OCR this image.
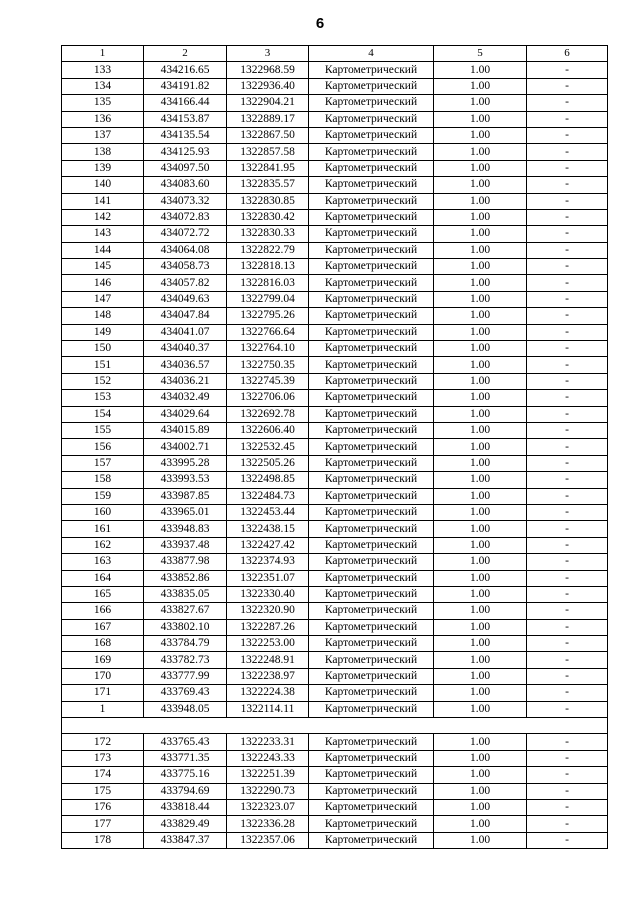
6
1	2	3	4	5	6
133	434216.65	1322968.59	Картометрический	1.00	-
134	434191.82	1322936.40	Картометрический	1.00	-
135	434166.44	1322904.21	Картометрический	1.00	-
136	434153.87	1322889.17	Картометрический	1.00	-
137	434135.54	1322867.50	Картометрический	1.00	-
138	434125.93	1322857.58	Картометрический	1.00	-
139	434097.50	1322841.95	Картометрический	1.00	-
140	434083.60	1322835.57	Картометрический	1.00	-
141	434073.32	1322830.85	Картометрический	1.00	-
142	434072.83	1322830.42	Картометрический	1.00	-
143	434072.72	1322830.33	Картометрический	1.00	-
144	434064.08	1322822.79	Картометрический	1.00	-
145	434058.73	1322818.13	Картометрический	1.00	-
146	434057.82	1322816.03	Картометрический	1.00	-
147	434049.63	1322799.04	Картометрический	1.00	-
148	434047.84	1322795.26	Картометрический	1.00	-
149	434041.07	1322766.64	Картометрический	1.00	-
150	434040.37	1322764.10	Картометрический	1.00	-
151	434036.57	1322750.35	Картометрический	1.00	-
152	434036.21	1322745.39	Картометрический	1.00	-
153	434032.49	1322706.06	Картометрический	1.00	-
154	434029.64	1322692.78	Картометрический	1.00	-
155	434015.89	1322606.40	Картометрический	1.00	-
156	434002.71	1322532.45	Картометрический	1.00	-
157	433995.28	1322505.26	Картометрический	1.00	-
158	433993.53	1322498.85	Картометрический	1.00	-
159	433987.85	1322484.73	Картометрический	1.00	-
160	433965.01	1322453.44	Картометрический	1.00	-
161	433948.83	1322438.15	Картометрический	1.00	-
162	433937.48	1322427.42	Картометрический	1.00	-
163	433877.98	1322374.93	Картометрический	1.00	-
164	433852.86	1322351.07	Картометрический	1.00	-
165	433835.05	1322330.40	Картометрический	1.00	-
166	433827.67	1322320.90	Картометрический	1.00	-
167	433802.10	1322287.26	Картометрический	1.00	-
168	433784.79	1322253.00	Картометрический	1.00	-
169	433782.73	1322248.91	Картометрический	1.00	-
170	433777.99	1322238.97	Картометрический	1.00	-
171	433769.43	1322224.38	Картометрический	1.00	-
1	433948.05	1322114.11	Картометрический	1.00	-

172	433765.43	1322233.31	Картометрический	1.00	-
173	433771.35	1322243.33	Картометрический	1.00	-
174	433775.16	1322251.39	Картометрический	1.00	-
175	433794.69	1322290.73	Картометрический	1.00	-
176	433818.44	1322323.07	Картометрический	1.00	-
177	433829.49	1322336.28	Картометрический	1.00	-
178	433847.37	1322357.06	Картометрический	1.00	-
